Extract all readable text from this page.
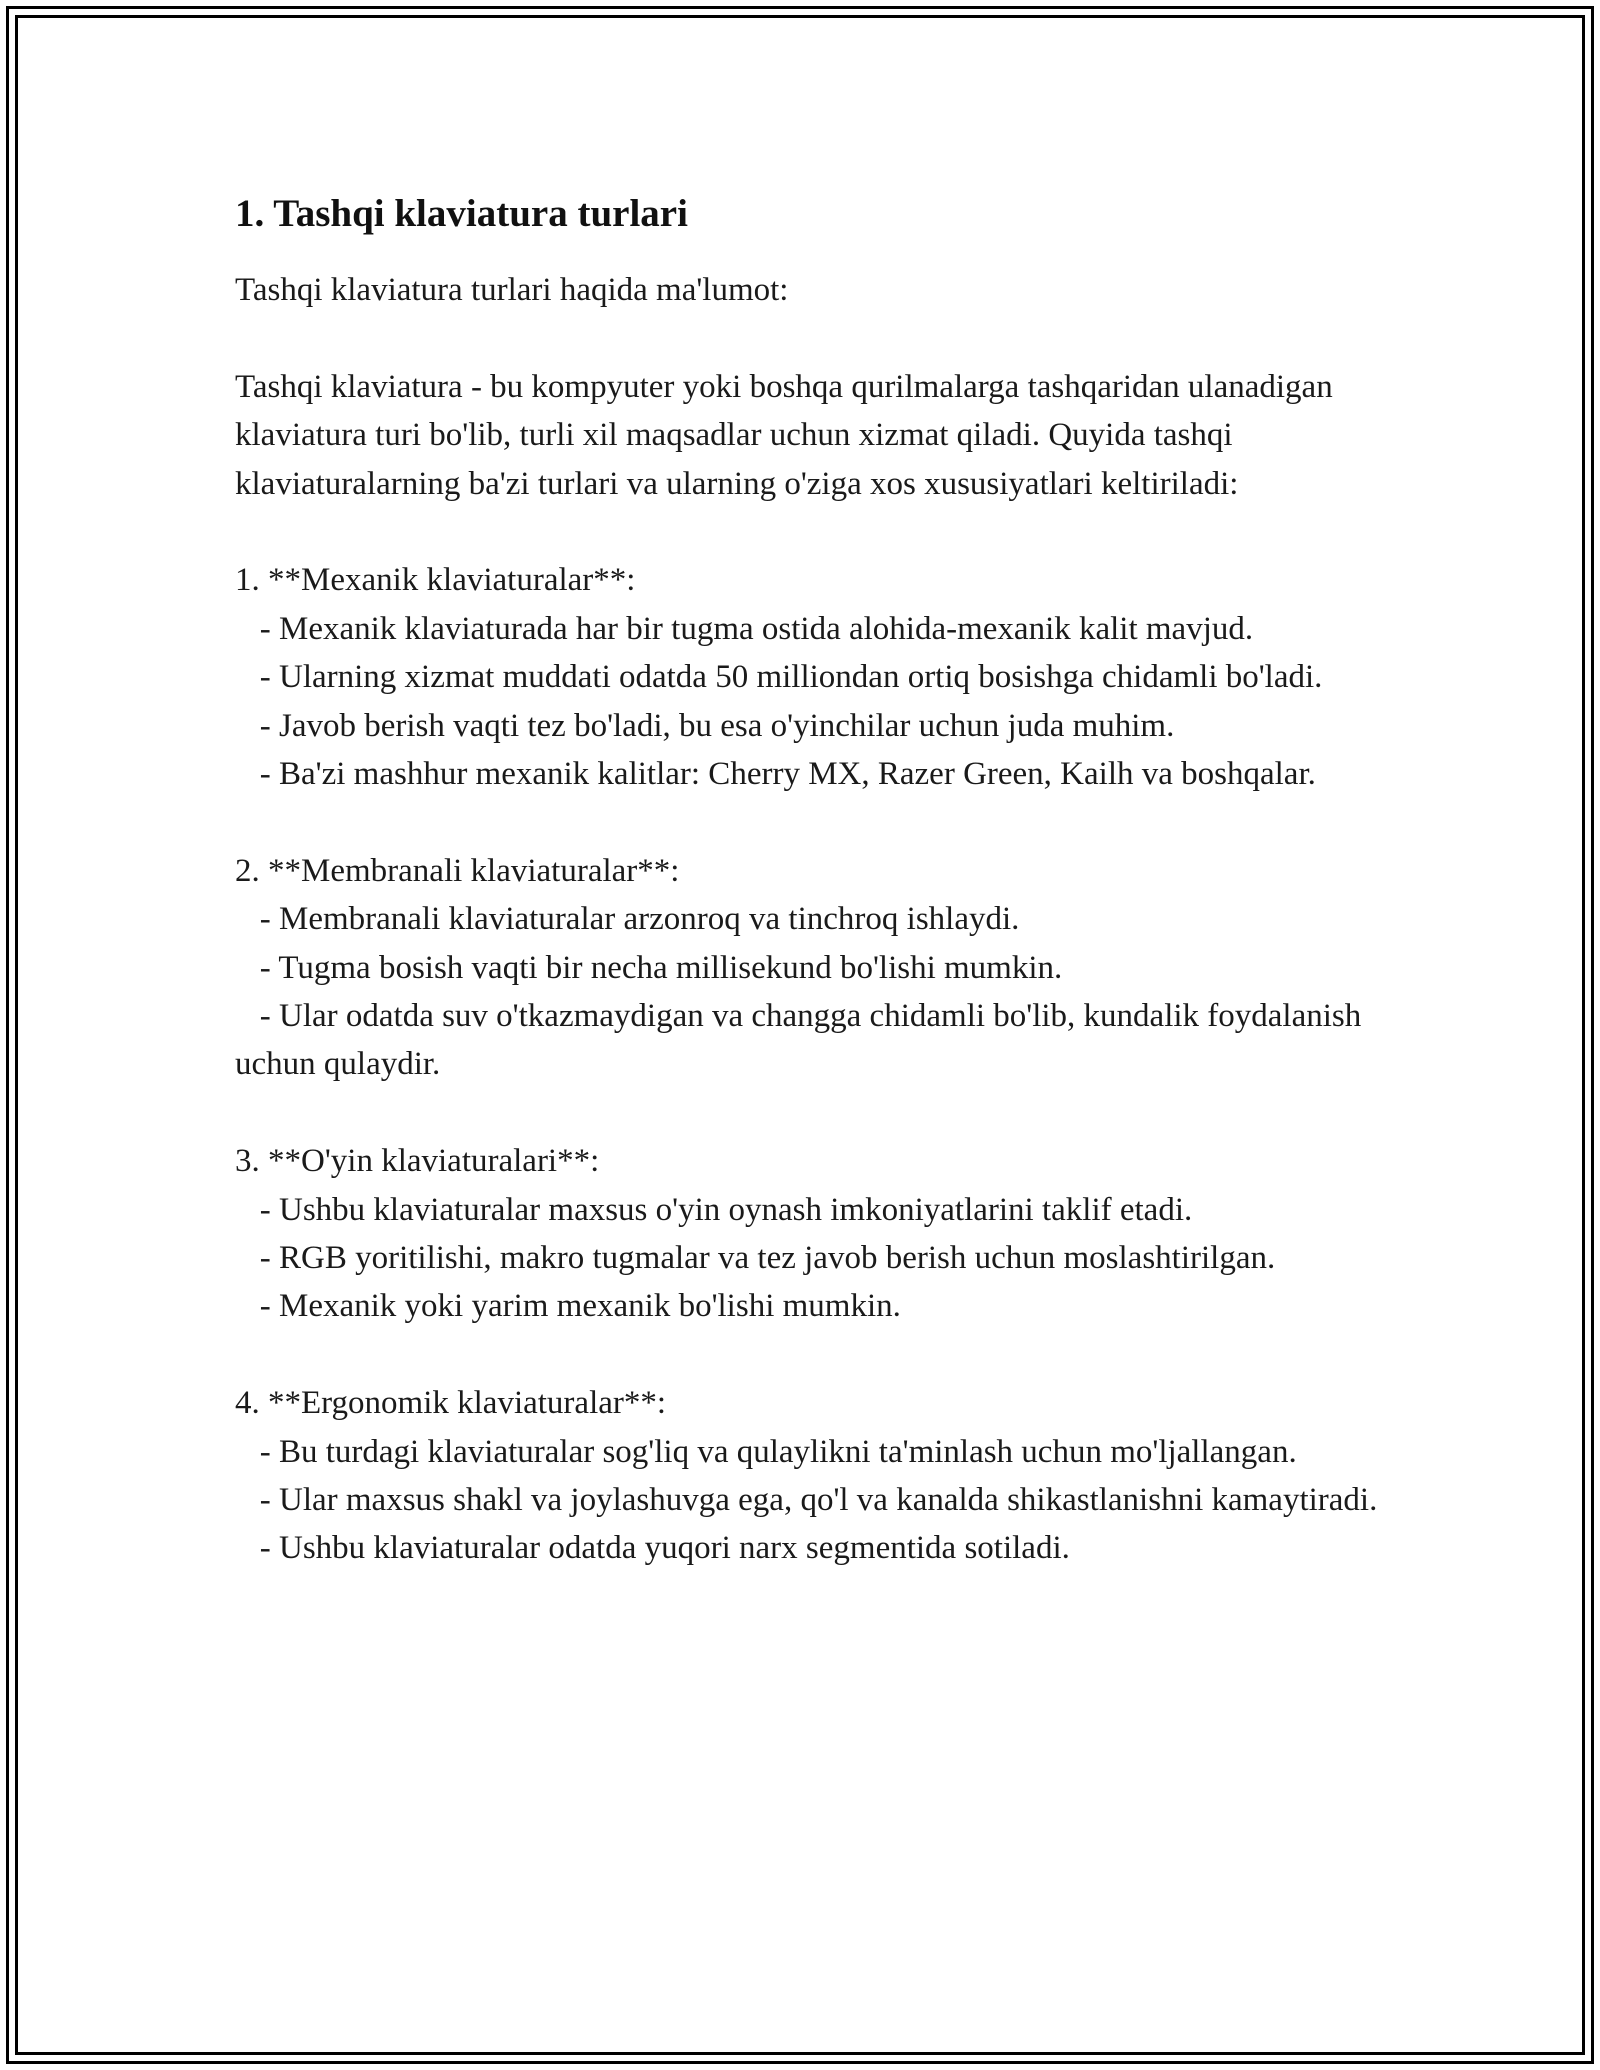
1. Tashqi klaviatura turlari

Tashqi klaviatura turlari haqida ma'lumot:

Tashqi klaviatura - bu kompyuter yoki boshqa qurilmalarga tashqaridan ulanadigan klaviatura turi bo'lib, turli xil maqsadlar uchun xizmat qiladi. Quyida tashqi klaviaturalarning ba'zi turlari va ularning o'ziga xos xususiyatlari keltiriladi:

1. **Mexanik klaviaturalar**:

- Mexanik klaviaturada har bir tugma ostida alohida-mexanik kalit mavjud.

- Ularning xizmat muddati odatda 50 milliondan ortiq bosishga chidamli bo'ladi.

- Javob berish vaqti tez bo'ladi, bu esa o'yinchilar uchun juda muhim.

- Ba'zi mashhur mexanik kalitlar: Cherry MX, Razer Green, Kailh va boshqalar.

2. **Membranali klaviaturalar**:

- Membranali klaviaturalar arzonroq va tinchroq ishlaydi.

- Tugma bosish vaqti bir necha millisekund bo'lishi mumkin.

- Ular odatda suv o'tkazmaydigan va changga chidamli bo'lib, kundalik foydalanish uchun qulaydir.

3. **O'yin klaviaturalari**:

- Ushbu klaviaturalar maxsus o'yin oynash imkoniyatlarini taklif etadi.

- RGB yoritilishi, makro tugmalar va tez javob berish uchun moslashtirilgan.

- Mexanik yoki yarim mexanik bo'lishi mumkin.

4. **Ergonomik klaviaturalar**:

- Bu turdagi klaviaturalar sog'liq va qulaylikni ta'minlash uchun mo'ljallangan.

- Ular maxsus shakl va joylashuvga ega, qo'l va kanalda shikastlanishni kamaytiradi.

- Ushbu klaviaturalar odatda yuqori narx segmentida sotiladi.
